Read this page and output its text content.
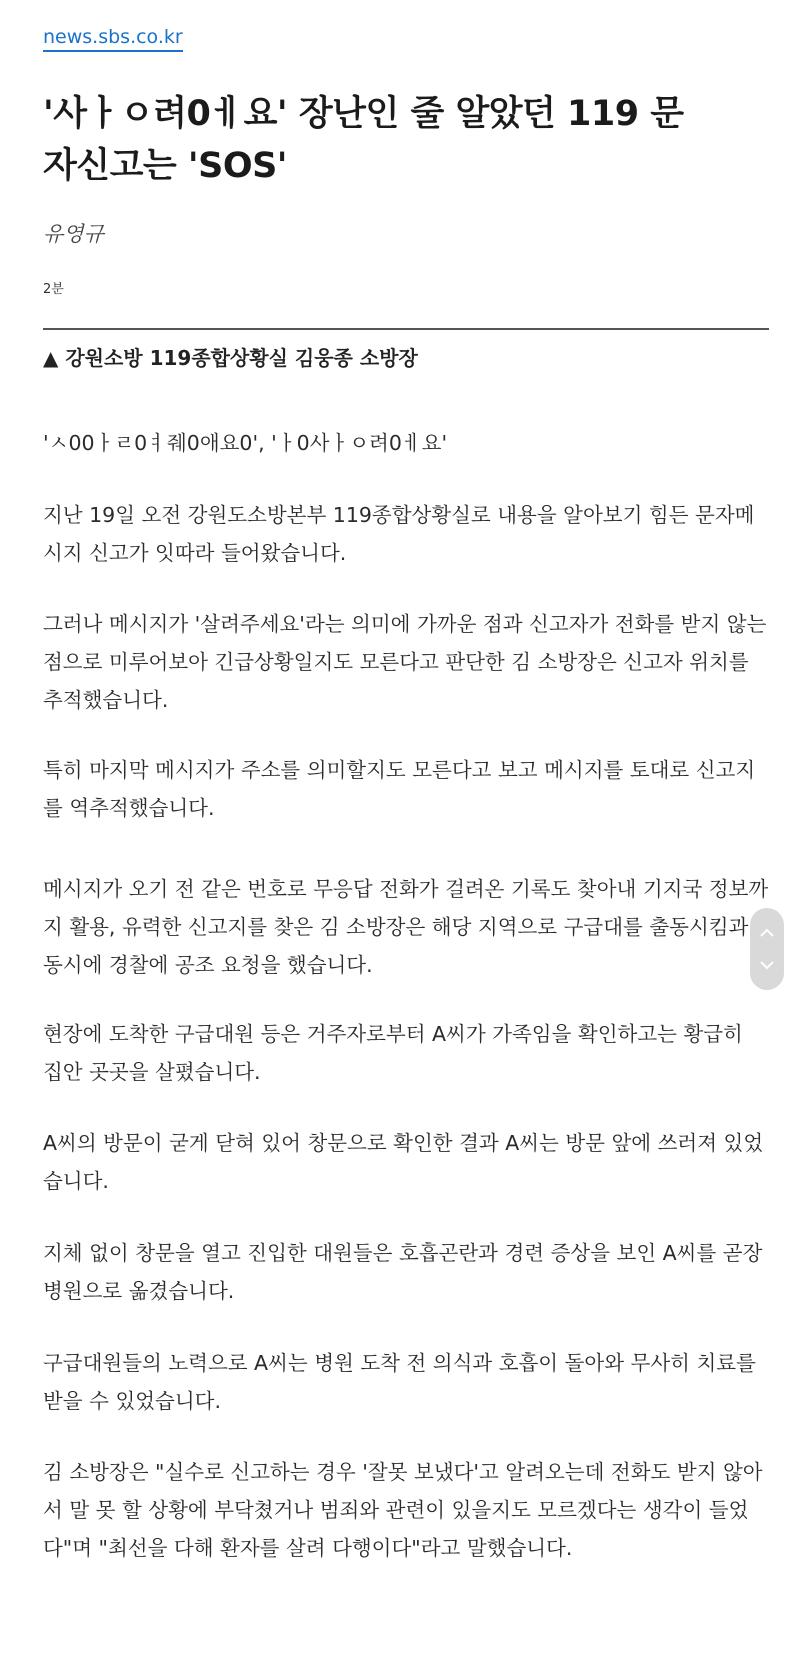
news.sbs.co.kr
'사ㅏㅇ려0ㅔ요' 장난인 줄 알았던 119 문
자신고는 'SOS'
유영규
2분
▲ 강원소방 119종합상황실 김웅종 소방장

'ㅅ00ㅏㄹ0ㅕ줴0애요0', 'ㅏ0사ㅏㅇ려0ㅔ요'

지난 19일 오전 강원도소방본부 119종합상황실로 내용을 알아보기 힘든 문자메시지 신고가 잇따라 들어왔습니다.

그러나 메시지가 '살려주세요'라는 의미에 가까운 점과 신고자가 전화를 받지 않는 점으로 미루어보아 긴급상황일지도 모른다고 판단한 김 소방장은 신고자 위치를 추적했습니다.

특히 마지막 메시지가 주소를 의미할지도 모른다고 보고 메시지를 토대로 신고지를 역추적했습니다.

메시지가 오기 전 같은 번호로 무응답 전화가 걸려온 기록도 찾아내 기지국 정보까지 활용, 유력한 신고지를 찾은 김 소방장은 해당 지역으로 구급대를 출동시킴과 동시에 경찰에 공조 요청을 했습니다.

현장에 도착한 구급대원 등은 거주자로부터 A씨가 가족임을 확인하고는 황급히 집안 곳곳을 살폈습니다.

A씨의 방문이 굳게 닫혀 있어 창문으로 확인한 결과 A씨는 방문 앞에 쓰러져 있었습니다.

지체 없이 창문을 열고 진입한 대원들은 호흡곤란과 경련 증상을 보인 A씨를 곧장 병원으로 옮겼습니다.

구급대원들의 노력으로 A씨는 병원 도착 전 의식과 호흡이 돌아와 무사히 치료를 받을 수 있었습니다.

김 소방장은 "실수로 신고하는 경우 '잘못 보냈다'고 알려오는데 전화도 받지 않아서 말 못 할 상황에 부닥쳤거나 범죄와 관련이 있을지도 모르겠다는 생각이 들었다"며 "최선을 다해 환자를 살려 다행이다"라고 말했습니다.
